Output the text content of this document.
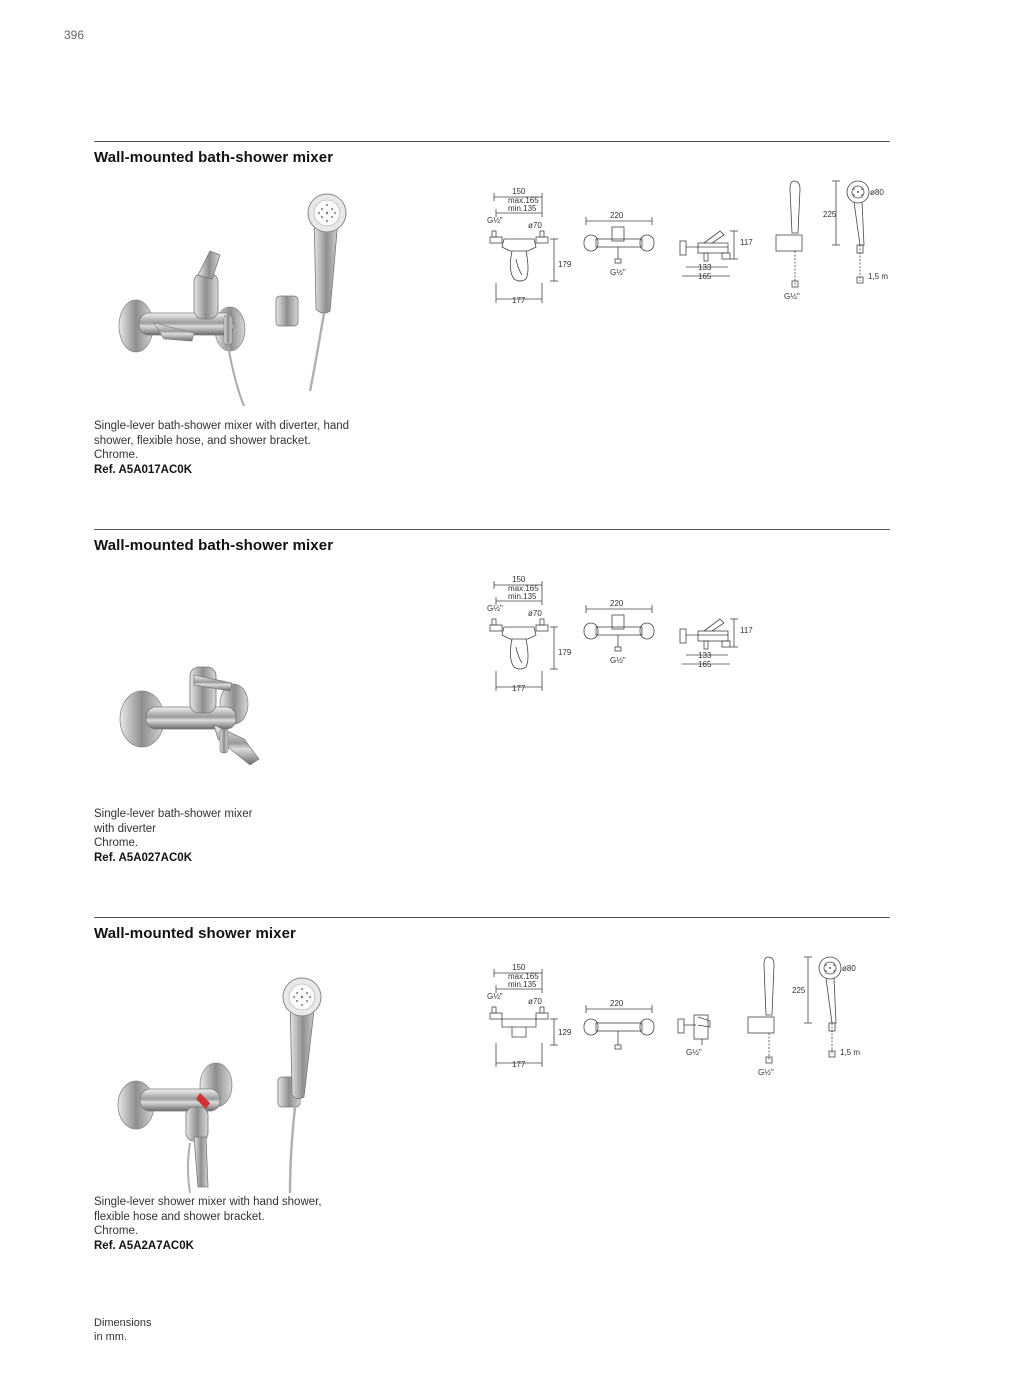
396
Wall-mounted bath-shower mixer
Single-lever bath-shower mixer with diverter, hand
shower, flexible hose, and shower bracket.
Chrome.
Ref. A5A017AC0K
150
max.165
min.135
G½"
ø70
179
177
220
G½"
117
133
165
G½"
ø80
225
1,5 m
Wall-mounted bath-shower mixer
Single-lever bath-shower mixer
with diverter
Chrome.
Ref. A5A027AC0K
150
max.165
min.135
G½"
ø70
179
177
220
G½"
117
133
165
Wall-mounted shower mixer
Single-lever shower mixer with hand shower,
flexible hose and shower bracket.
Chrome.
Ref. A5A2A7AC0K
150
max.165
min.135
G½"
ø70
129
177
220
G½"
G½"
ø80
225
1,5 m
Dimensions
in mm.
